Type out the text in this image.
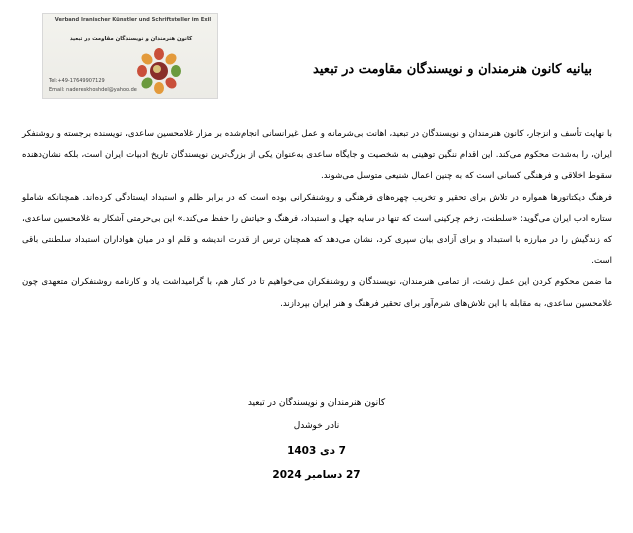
Verband Iranischer Künstler und Schriftsteller im Exil
کانون هنرمندان و نویسندگان مقاومت در تبعید
Tel:+49-17649907129
Email: nadereskhoshdel@yahoo.de
بیانیه کانون هنرمندان و نویسندگان مقاومت در تبعید

با نهایت تأسف و انزجار، کانون هنرمندان و نویسندگان در تبعید، اهانت بی‌شرمانه و عمل غیرانسانی انجام‌شده بر مزار غلامحسین ساعدی، نویسنده برجسته و روشنفکر ایران، را به‌شدت محکوم می‌کند. این اقدام ننگین توهینی به شخصیت و جایگاه ساعدی به‌عنوان یکی از بزرگ‌ترین نویسندگان تاریخ ادبیات ایران است، بلکه نشان‌دهنده سقوط اخلاقی و فرهنگی کسانی است که به چنین اعمال شنیعی متوسل می‌شوند.

فرهنگ دیکتاتورها همواره در تلاش برای تحقیر و تخریب چهره‌های فرهنگی و روشنفکرانی بوده است که در برابر ظلم و استبداد ایستادگی کرده‌اند. همچنانکه شاملو ستاره ادب ایران می‌گوید: «سلطنت، زخم چرکینی است که تنها در سایه جهل و استبداد، فرهنگ و حیاتش را حفظ می‌کند.» این بی‌حرمتی آشکار به غلامحسین ساعدی، که زندگیش را در مبارزه با استبداد و برای آزادی بیان سپری کرد، نشان می‌دهد که همچنان ترس از قدرت اندیشه و قلم او در میان هواداران استبداد سلطنتی باقی است.

ما ضمن محکوم کردن این عمل زشت، از تمامی هنرمندان، نویسندگان و روشنفکران می‌خواهیم تا در کنار هم، با گرامیداشت یاد و کارنامه روشنفکران متعهدی چون غلامحسین ساعدی، به مقابله با این تلاش‌های شرم‌آور برای تحقیر فرهنگ و هنر ایران بپردازند.

کانون هنرمندان و نویسندگان در تبعید
نادر خوشدل
7 دی 1403
27 دسامبر 2024
